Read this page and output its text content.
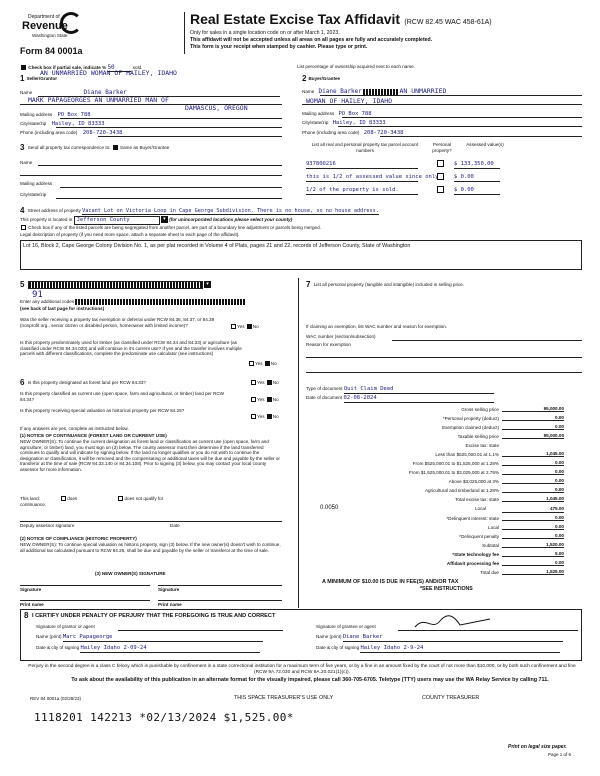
Department of
Revenue
Washington State
Form 84 0001a
Real Estate Excise Tax Affidavit (RCW 82.45 WAC 458-61A)
Only for sales in a single location code on or after March 1, 2023.
This affidavit will not be accepted unless all areas on all pages are fully and accurately completed.
This form is your receipt when stamped by cashier. Please type or print.
Check box if partial sale, indicate % 50	sold.	List percentage of ownership acquired next to each name.
AN UNMARRIED WOMAN OF HAILEY, IDAHO
1 Seller/Grantor
Name	Diane Barker
MARK PAPAGEORGES AN UNMARRIED MAN OF
DAMASCUS, OREGON
Mailing address PO Box 788
City/state/zip Hailey, ID 83333
Phone (including area code) 208-720-3438
2 Buyer/Grantee
Name Diane Barker	AN UNMARRIED
WOMAN OF HAILEY, IDAHO
Mailing address PO Box 788
City/state/zip Hailey, ID 83333
Phone (including area code) 208-720-3438
3 Send all property tax correspondence to: Same as Buyer/Grantee
Name
Mailing address
City/state/zip
List all real and personal property tax parcel account numbers
Personal property?
Assessed value(s)
937800216	$ 133,350.00
this is 1/2 of assessed value since only	$ 0.00
1/2 of the property is sold.	$ 0.00
4 Street address of property Vacant Lot on Victoria Loop in Cape George Subdivision. There is no house, so no house address.
This property is located in Jefferson County	▾ (for unincorporated locations please select your county)
Check box if any of the listed parcels are being segregated from another parcel, are part of a boundary line adjustment or parcels being merged.
Legal description of property (if you need more space, attach a separate sheet to each page of the affidavit).
Lot 16, Block 2, Cape George Colony Division No. 1, as per plat recorded in Volume 4 of Plats, pages 21 and 22, records of Jefferson County, State of Washington
5	▾
91
Enter any additional codes
(see back of last page for instructions)
Was the seller receiving a property tax exemption or deferral under RCW 84.36, 84.37, or 84.38 (nonprofit org., senior citizen or disabled person, homeowner with limited income)?	Yes No
Is this property predominately used for timber (as classified under RCW 84.34 and 84.33) or agriculture (as classified under RCW 84.34.020) and will continue in it's current use? If yes and the transfer involves multiple parcels with different classifications, complete the predominate use calculator (see instructions)
Yes No
6 Is this property designated as forest land per RCW 84.33?	Yes No
Is this property classified as current use (open space, farm and agricultural, or timber) land per RCW 84.34?	Yes No
Is this property receiving special valuation as historical property per RCW 84.26?
Yes No
If any answers are yes, complete as instructed below.
(1) NOTICE OF CONTINUANCE (FOREST LAND OR CURRENT USE)
NEW OWNER(S): To continue the current designation as forest land or classification as current use (open space, farm and agriculture, or timber) land, you must sign on (3) below. The county assessor must then determine if the land transferred continues to qualify and will indicate by signing below. If the land no longer qualifies or you do not wish to continue the designation or classification, it will be removed and the compensating or additional taxes will be due and payable by the seller or transferor at the time of sale (RCW 84.33.140 or 84.34.108). Prior to signing (3) below, you may contact your local county assessor for more information.
This land:	does	does not qualify for
continuance.
Deputy assessor signature	Date
(2) NOTICE OF COMPLIANCE (HISTORIC PROPERTY)
NEW OWNER(S): To continue special valuation as historic property, sign (3) below. If the new owner(s) doesn't wish to continue, all additional tax calculated pursuant to RCW 84.26, shall be due and payable by the seller or transferor at the time of sale.
(3) NEW OWNER(S) SIGNATURE
Signature	Signature
Print name	Print name
7 List all personal property (tangible and intangible) included in selling price.
If claiming an exemption, list WAC number and reason for exemption.
WAC number (section/subsection)
Reason for exemption
Type of document Quit Claim Deed
Date of document 02-08-2024
Gross selling price	95,000.00
*Personal property (deduct)	0.00
Exemption claimed (deduct)	0.00
Taxable selling price	95,000.00
Excise tax: state
Less than $525,000.01 at 1.1%	1,045.00
From $525,000.01 to $1,525,000 at 1.28%	0.00
From $1,525,000.01 to $3,025,000 at 2.75%	0.00
Above $3,025,000 at 3%	0.00
Agricultural and timberland at 1.28%	0.00
Total excise tax: state	1,045.00
0.0050	Local	475.00
*Delinquent interest: state	0.00
Local	0.00
*Delinquent penalty	0.00
Subtotal	1,520.00
*State technology fee	5.00
Affidavit processing fee	0.00
Total due	1,525.00
A MINIMUM OF $10.00 IS DUE IN FEE(S) AND/OR TAX
*SEE INSTRUCTIONS
8 I CERTIFY UNDER PENALTY OF PERJURY THAT THE FOREGOING IS TRUE AND CORRECT
Signature of grantor or agent	Signature of grantee or agent
Name (print) Marc Papageorge	Name (print) Diane Barker
Date & city of signing Hailey Idaho 2-09-24	Date & city of signing Hailey Idaho 2-9-24
Perjury in the second degree is a class C felony which is punishable by confinement in a state correctional institution for a maximum term of five years, or by a fine in an amount fixed by the court of not more than $10,000, or by both such confinement and fine (RCW 9A.72.030 and RCW 9A.20.021(1)(c)).
To ask about the availability of this publication in an alternate format for the visually impaired, please call 360-705-6705. Teletype (TTY) users may use the WA Relay Service by calling 711.
REV 84 0001a (02/28/23)	THIS SPACE TREASURER'S USE ONLY	COUNTY TREASURER
1118201 142213 *02/13/2024 $1,525.00*
Print on legal size paper.
Page 1 of 6
